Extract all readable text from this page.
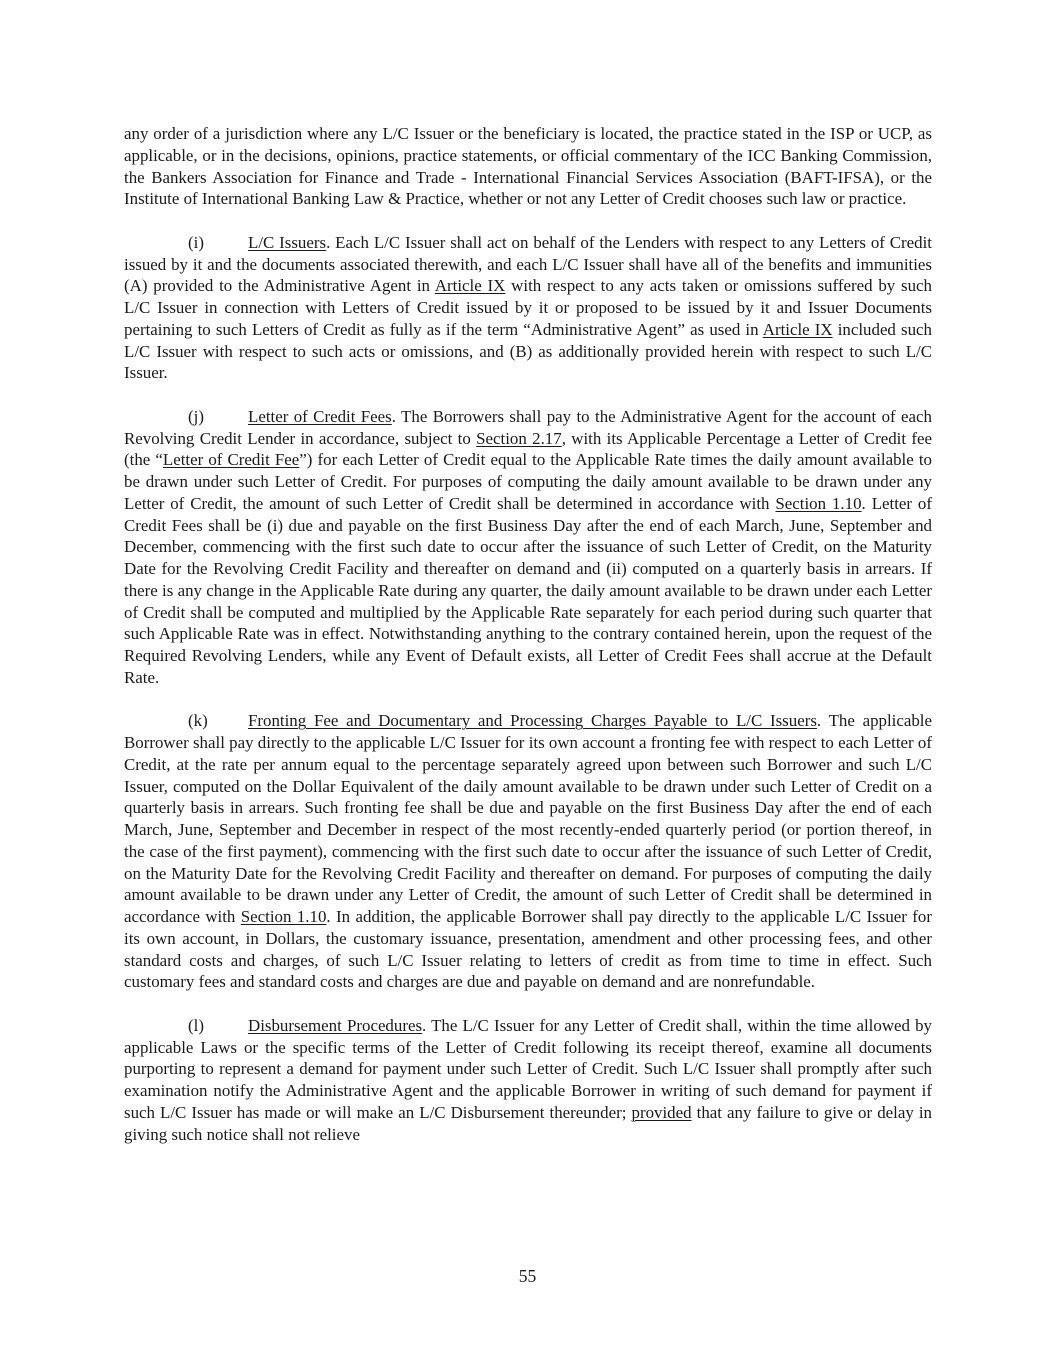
any order of a jurisdiction where any L/C Issuer or the beneficiary is located, the practice stated in the ISP or UCP, as applicable, or in the decisions, opinions, practice statements, or official commentary of the ICC Banking Commission, the Bankers Association for Finance and Trade - International Financial Services Association (BAFT-IFSA), or the Institute of International Banking Law & Practice, whether or not any Letter of Credit chooses such law or practice.

(i)	L/C Issuers. Each L/C Issuer shall act on behalf of the Lenders with respect to any Letters of Credit issued by it and the documents associated therewith, and each L/C Issuer shall have all of the benefits and immunities (A) provided to the Administrative Agent in Article IX with respect to any acts taken or omissions suffered by such L/C Issuer in connection with Letters of Credit issued by it or proposed to be issued by it and Issuer Documents pertaining to such Letters of Credit as fully as if the term “Administrative Agent” as used in Article IX included such L/C Issuer with respect to such acts or omissions, and (B) as additionally provided herein with respect to such L/C Issuer.

(j)	Letter of Credit Fees. The Borrowers shall pay to the Administrative Agent for the account of each Revolving Credit Lender in accordance, subject to Section 2.17, with its Applicable Percentage a Letter of Credit fee (the “Letter of Credit Fee”) for each Letter of Credit equal to the Applicable Rate times the daily amount available to be drawn under such Letter of Credit. For purposes of computing the daily amount available to be drawn under any Letter of Credit, the amount of such Letter of Credit shall be determined in accordance with Section 1.10. Letter of Credit Fees shall be (i) due and payable on the first Business Day after the end of each March, June, September and December, commencing with the first such date to occur after the issuance of such Letter of Credit, on the Maturity Date for the Revolving Credit Facility and thereafter on demand and (ii) computed on a quarterly basis in arrears. If there is any change in the Applicable Rate during any quarter, the daily amount available to be drawn under each Letter of Credit shall be computed and multiplied by the Applicable Rate separately for each period during such quarter that such Applicable Rate was in effect. Notwithstanding anything to the contrary contained herein, upon the request of the Required Revolving Lenders, while any Event of Default exists, all Letter of Credit Fees shall accrue at the Default Rate.

(k) Fronting Fee and Documentary and Processing Charges Payable to L/C Issuers. The applicable Borrower shall pay directly to the applicable L/C Issuer for its own account a fronting fee with respect to each Letter of Credit, at the rate per annum equal to the percentage separately agreed upon between such Borrower and such L/C Issuer, computed on the Dollar Equivalent of the daily amount available to be drawn under such Letter of Credit on a quarterly basis in arrears. Such fronting fee shall be due and payable on the first Business Day after the end of each March, June, September and December in respect of the most recently-ended quarterly period (or portion thereof, in the case of the first payment), commencing with the first such date to occur after the issuance of such Letter of Credit, on the Maturity Date for the Revolving Credit Facility and thereafter on demand. For purposes of computing the daily amount available to be drawn under any Letter of Credit, the amount of such Letter of Credit shall be determined in accordance with Section 1.10. In addition, the applicable Borrower shall pay directly to the applicable L/C Issuer for its own account, in Dollars, the customary issuance, presentation, amendment and other processing fees, and other standard costs and charges, of such L/C Issuer relating to letters of credit as from time to time in effect. Such customary fees and standard costs and charges are due and payable on demand and are nonrefundable.

(l)	Disbursement Procedures. The L/C Issuer for any Letter of Credit shall, within the time allowed by applicable Laws or the specific terms of the Letter of Credit following its receipt thereof, examine all documents purporting to represent a demand for payment under such Letter of Credit. Such L/C Issuer shall promptly after such examination notify the Administrative Agent and the applicable Borrower in writing of such demand for payment if such L/C Issuer has made or will make an L/C Disbursement thereunder; provided that any failure to give or delay in giving such notice shall not relieve

55
